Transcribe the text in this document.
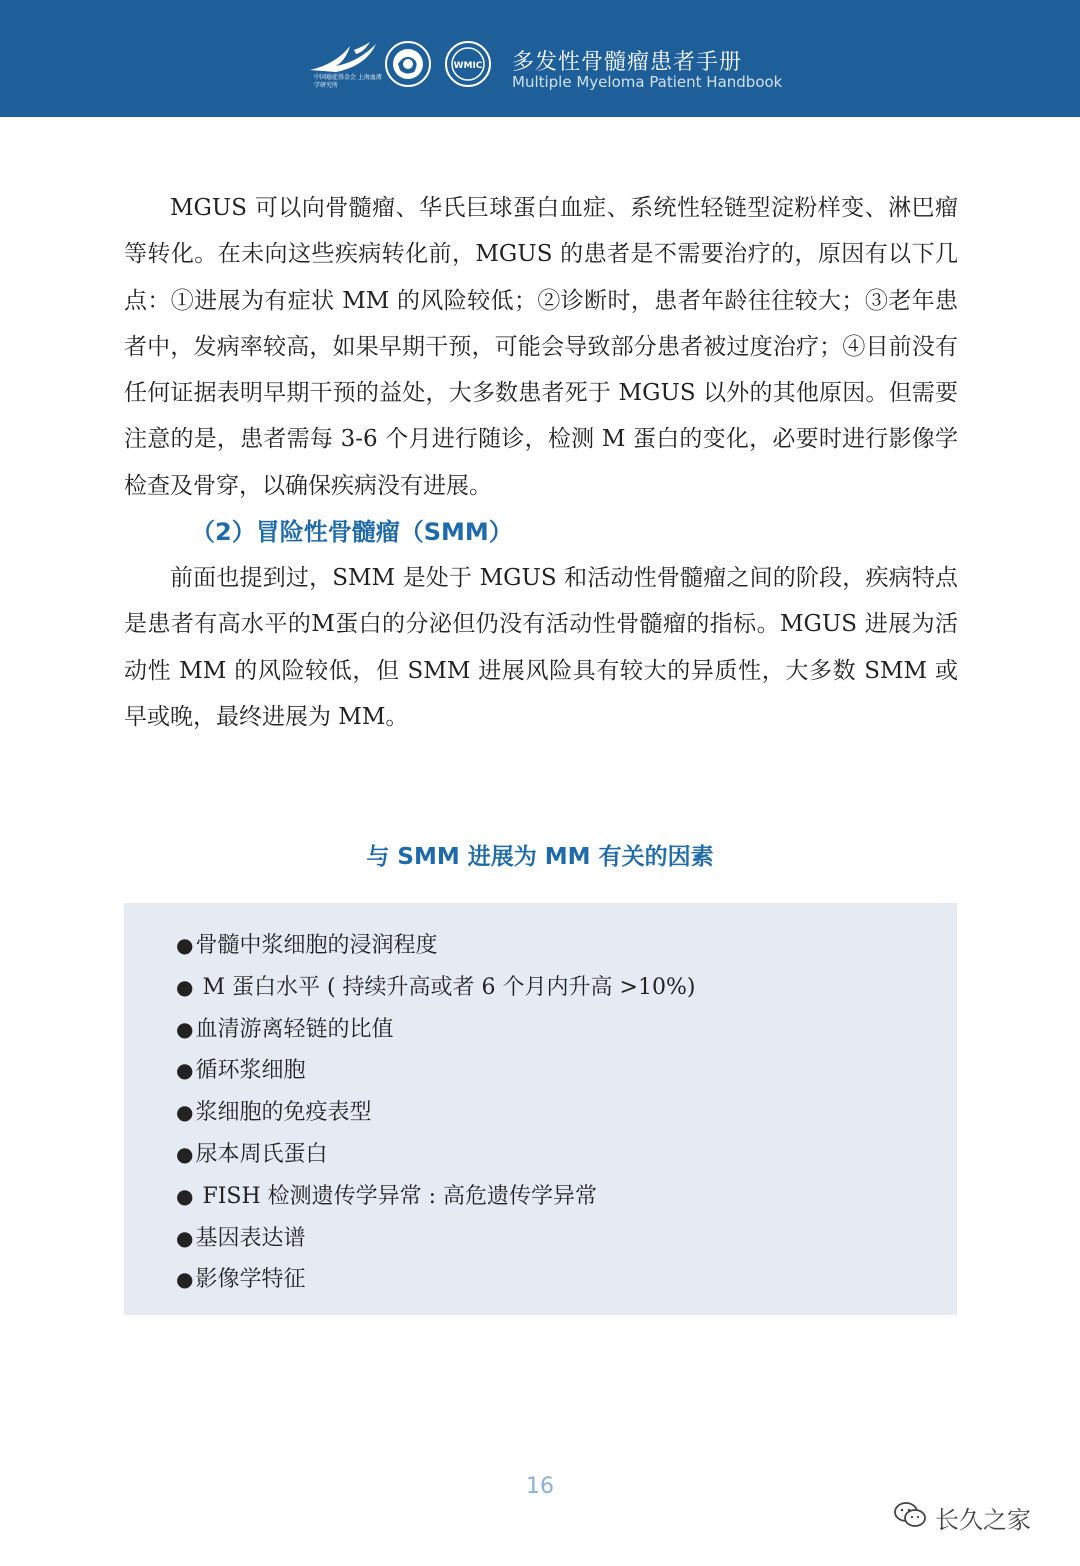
中国癌症基金会 上海血液学研究所
WMIC 多发性骨髓瘤患者手册
Multiple Myeloma Patient Handbook

MGUS 可以向骨髓瘤、华氏巨球蛋白血症、系统性轻链型淀粉样变、淋巴瘤等转化。在未向这些疾病转化前，MGUS 的患者是不需要治疗的，原因有以下几点：①进展为有症状 MM 的风险较低；②诊断时，患者年龄往往较大；③老年患者中，发病率较高，如果早期干预，可能会导致部分患者被过度治疗；④目前没有任何证据表明早期干预的益处，大多数患者死于 MGUS 以外的其他原因。但需要注意的是，患者需每 3-6 个月进行随诊，检测 M 蛋白的变化，必要时进行影像学检查及骨穿，以确保疾病没有进展。

（2）冒险性骨髓瘤（SMM）

前面也提到过，SMM 是处于 MGUS 和活动性骨髓瘤之间的阶段，疾病特点是患者有高水平的M蛋白的分泌但仍没有活动性骨髓瘤的指标。MGUS 进展为活动性 MM 的风险较低，但 SMM 进展风险具有较大的异质性，大多数 SMM 或早或晚，最终进展为 MM。

与 SMM 进展为 MM 有关的因素
●骨髓中浆细胞的浸润程度
● M 蛋白水平 ( 持续升高或者 6 个月内升高 >10%)
●血清游离轻链的比值
●循环浆细胞
●浆细胞的免疫表型
●尿本周氏蛋白
● FISH 检测遗传学异常 : 高危遗传学异常
●基因表达谱
●影像学特征
16
长久之家
